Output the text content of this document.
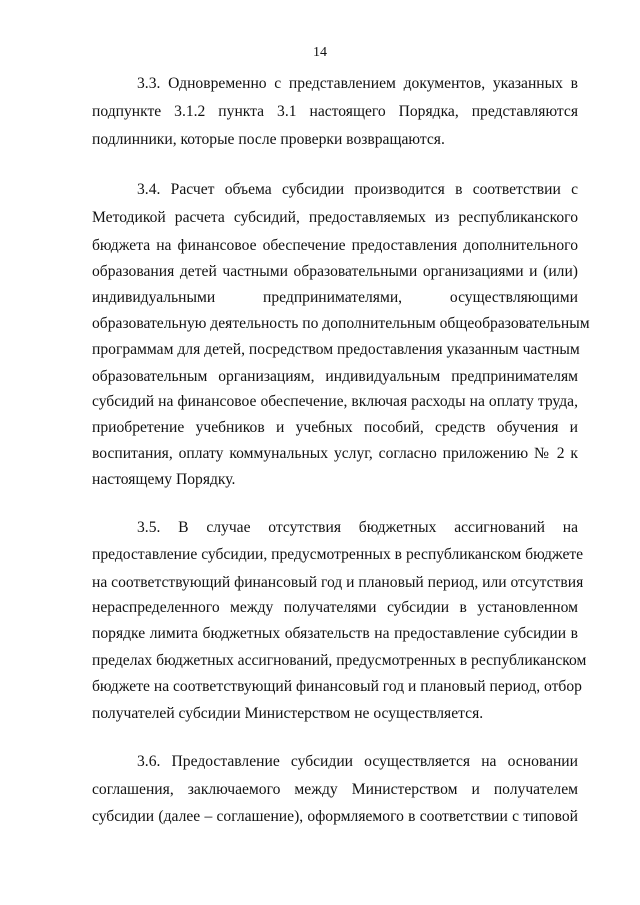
14
3.3. Одновременно с представлением документов, указанных в
подпункте 3.1.2 пункта 3.1 настоящего Порядка, представляются
подлинники, которые после проверки возвращаются.
3.4. Расчет объема субсидии производится в соответствии с
Методикой расчета субсидий, предоставляемых из республиканского
бюджета на финансовое обеспечение предоставления дополнительного
образования детей частными образовательными организациями и (или)
индивидуальными предпринимателями, осуществляющими
образовательную деятельность по дополнительным общеобразовательным
программам для детей, посредством предоставления указанным частным
образовательным организациям, индивидуальным предпринимателям
субсидий на финансовое обеспечение, включая расходы на оплату труда,
приобретение учебников и учебных пособий, средств обучения и
воспитания, оплату коммунальных услуг, согласно приложению № 2 к
настоящему Порядку.
3.5. В случае отсутствия бюджетных ассигнований на
предоставление субсидии, предусмотренных в республиканском бюджете
на соответствующий финансовый год и плановый период, или отсутствия
нераспределенного между получателями субсидии в установленном
порядке лимита бюджетных обязательств на предоставление субсидии в
пределах бюджетных ассигнований, предусмотренных в республиканском
бюджете на соответствующий финансовый год и плановый период, отбор
получателей субсидии Министерством не осуществляется.
3.6. Предоставление субсидии осуществляется на основании
соглашения, заключаемого между Министерством и получателем
субсидии (далее – соглашение), оформляемого в соответствии с типовой
